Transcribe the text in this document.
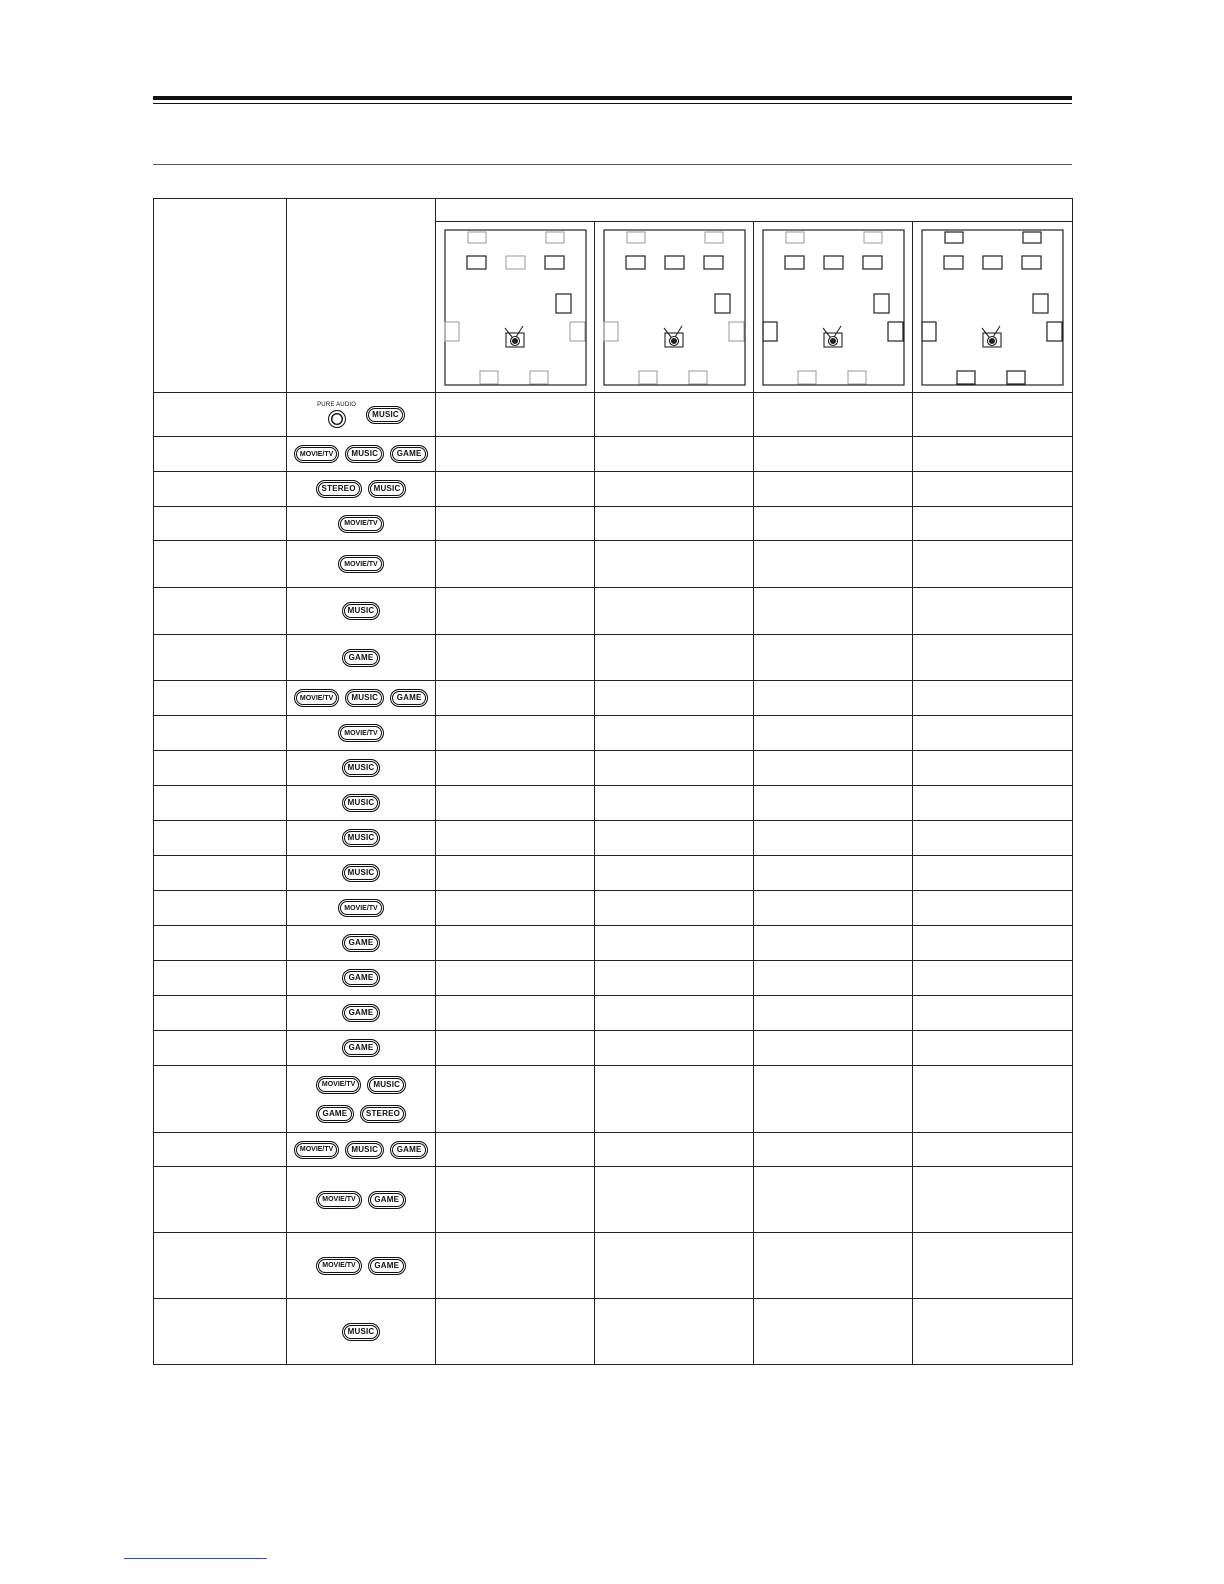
	PURE AUDIO
MUSIC				

MOVIE/TV MUSIC GAME				

STEREO MUSIC				

MOVIE/TV				

MOVIE/TV				

MUSIC				

GAME				

MOVIE/TV MUSIC GAME				

MOVIE/TV				

MUSIC				

MUSIC				

MUSIC				

MUSIC				

MOVIE/TV				

GAME				

GAME				

GAME				

GAME				

MOVIE/TV MUSIC
GAME STEREO				

MOVIE/TV MUSIC GAME				

MOVIE/TV GAME				

MOVIE/TV GAME				

MUSIC				
